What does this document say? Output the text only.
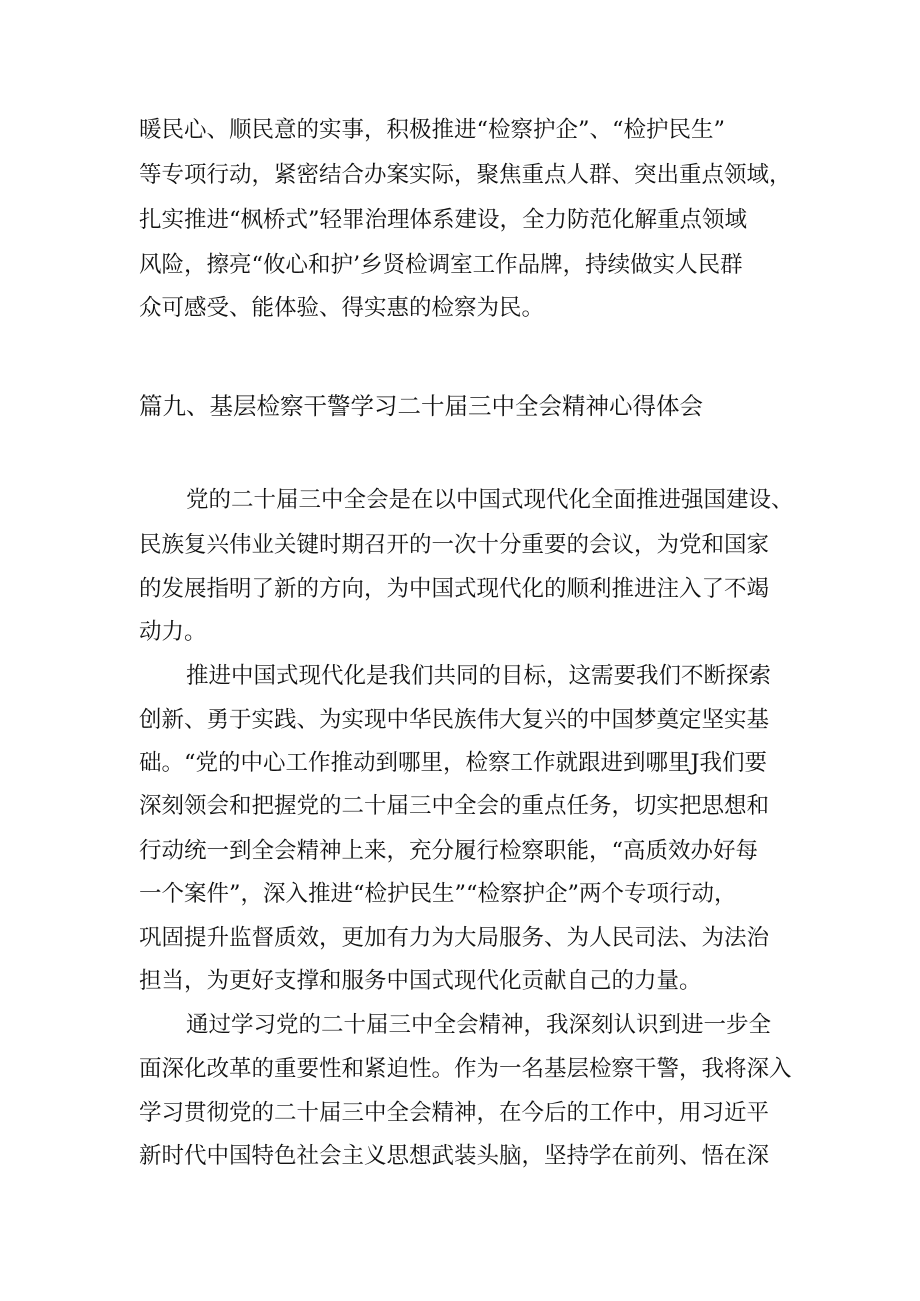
暖民心、顺民意的实事，积极推进“检察护企”、“检护民生”

等专项行动，紧密结合办案实际，聚焦重点人群、突出重点领域，

扎实推进“枫桥式”轻罪治理体系建设，全力防范化解重点领域

风险，擦亮“攸心和护’乡贤检调室工作品牌，持续做实人民群

众可感受、能体验、得实惠的检察为民。

篇九、基层检察干警学习二十届三中全会精神心得体会

党的二十届三中全会是在以中国式现代化全面推进强国建设、

民族复兴伟业关键时期召开的一次十分重要的会议，为党和国家

的发展指明了新的方向，为中国式现代化的顺利推进注入了不竭

动力。

推进中国式现代化是我们共同的目标，这需要我们不断探索

创新、勇于实践、为实现中华民族伟大复兴的中国梦奠定坚实基

础。“党的中心工作推动到哪里，检察工作就跟进到哪里J我们要

深刻领会和把握党的二十届三中全会的重点任务，切实把思想和

行动统一到全会精神上来，充分履行检察职能，“高质效办好每

一个案件”，深入推进“检护民生”“检察护企”两个专项行动，

巩固提升监督质效，更加有力为大局服务、为人民司法、为法治

担当，为更好支撑和服务中国式现代化贡献自己的力量。

通过学习党的二十届三中全会精神，我深刻认识到进一步全

面深化改革的重要性和紧迫性。作为一名基层检察干警，我将深入

学习贯彻党的二十届三中全会精神，在今后的工作中，用习近平

新时代中国特色社会主义思想武装头脑，坚持学在前列、悟在深
